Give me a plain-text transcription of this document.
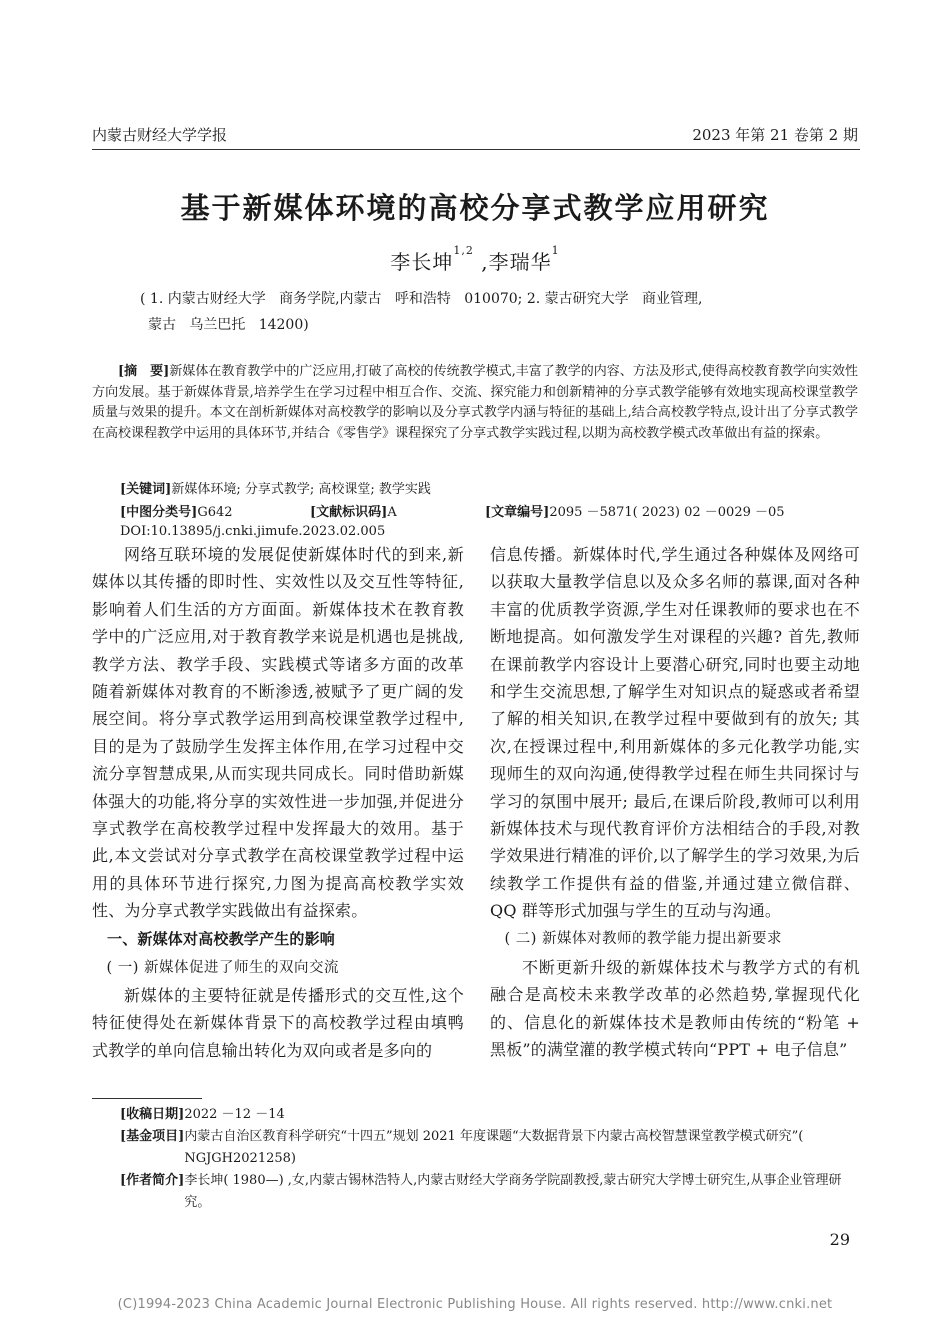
内蒙古财经大学学报	2023 年第 21 卷第 2 期
基于新媒体环境的高校分享式教学应用研究
李长坤$^{1,2}$ ,李瑞华$^1$
( 1. 内蒙古财经大学   商务学院,内蒙古   呼和浩特   010070; 2. 蒙古研究大学   商业管理,
蒙古   乌兰巴托   14200)
[摘　要]新媒体在教育教学中的广泛应用,打破了高校的传统教学模式,丰富了教学的内容、方法及形式,使得高校教育教学向实效性方向发展。基于新媒体背景,培养学生在学习过程中相互合作、交流、探究能力和创新精神的分享式教学能够有效地实现高校课堂教学质量与效果的提升。本文在剖析新媒体对高校教学的影响以及分享式教学内涵与特征的基础上,结合高校教学特点,设计出了分享式教学在高校课程教学中运用的具体环节,并结合《零售学》课程探究了分享式教学实践过程,以期为高校教学模式改革做出有益的探索。
[关键词]新媒体环境; 分享式教学; 高校课堂; 教学实践
[中图分类号]G642	[文献标识码]A	[文章编号]2095 －5871( 2023) 02 －0029 －05
DOI:10.13895/j.cnki.jimufe.2023.02.005

网络互联环境的发展促使新媒体时代的到来,新媒体以其传播的即时性、实效性以及交互性等特征,影响着人们生活的方方面面。新媒体技术在教育教学中的广泛应用,对于教育教学来说是机遇也是挑战,教学方法、教学手段、实践模式等诸多方面的改革随着新媒体对教育的不断渗透,被赋予了更广阔的发展空间。将分享式教学运用到高校课堂教学过程中,目的是为了鼓励学生发挥主体作用,在学习过程中交流分享智慧成果,从而实现共同成长。同时借助新媒体强大的功能,将分享的实效性进一步加强,并促进分享式教学在高校教学过程中发挥最大的效用。基于此,本文尝试对分享式教学在高校课堂教学过程中运用的具体环节进行探究,力图为提高高校教学实效性、为分享式教学实践做出有益探索。

一、新媒体对高校教学产生的影响

( 一) 新媒体促进了师生的双向交流

新媒体的主要特征就是传播形式的交互性,这个特征使得处在新媒体背景下的高校教学过程由填鸭式教学的单向信息输出转化为双向或者是多向的

信息传播。新媒体时代,学生通过各种媒体及网络可以获取大量教学信息以及众多名师的慕课,面对各种丰富的优质教学资源,学生对任课教师的要求也在不断地提高。如何激发学生对课程的兴趣? 首先,教师在课前教学内容设计上要潜心研究,同时也要主动地和学生交流思想,了解学生对知识点的疑惑或者希望了解的相关知识,在教学过程中要做到有的放矢; 其次,在授课过程中,利用新媒体的多元化教学功能,实现师生的双向沟通,使得教学过程在师生共同探讨与学习的氛围中展开; 最后,在课后阶段,教师可以利用新媒体技术与现代教育评价方法相结合的手段,对教学效果进行精准的评价,以了解学生的学习效果,为后续教学工作提供有益的借鉴,并通过建立微信群、QQ 群等形式加强与学生的互动与沟通。

( 二) 新媒体对教师的教学能力提出新要求

不断更新升级的新媒体技术与教学方式的有机融合是高校未来教学改革的必然趋势,掌握现代化的、信息化的新媒体技术是教师由传统的“粉笔 + 黑板”的满堂灌的教学模式转向“PPT + 电子信息”

[收稿日期] 2022 －12 －14
[基金项目] 内蒙古自治区教育科学研究“十四五”规划 2021 年度课题“大数据背景下内蒙古高校智慧课堂教学模式研究”( NGJGH2021258)
[作者简介] 李长坤( 1980—) ,女,内蒙古锡林浩特人,内蒙古财经大学商务学院副教授,蒙古研究大学博士研究生,从事企业管理研究。
29
(C)1994-2023 China Academic Journal Electronic Publishing House. All rights reserved. http://www.cnki.net
